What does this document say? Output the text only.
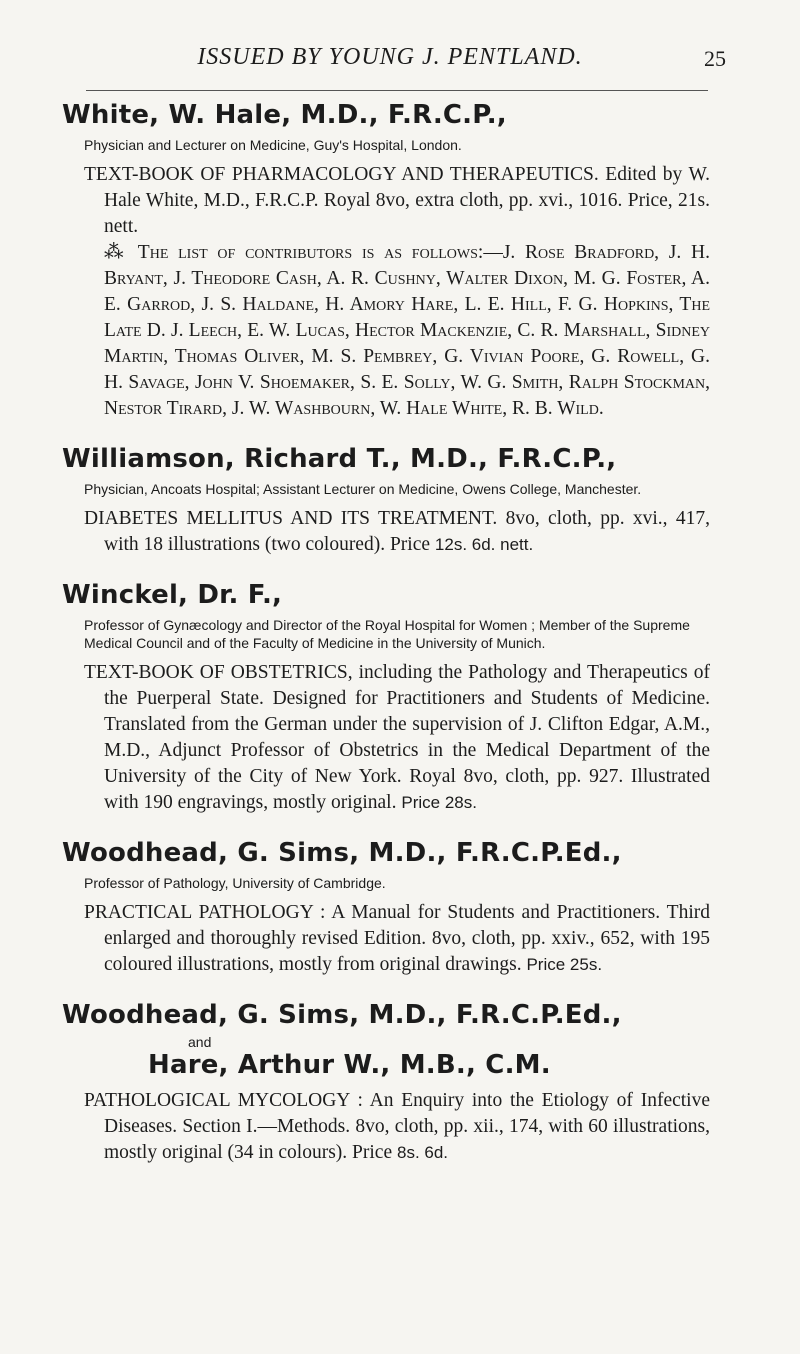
ISSUED BY YOUNG J. PENTLAND.	25

White, W. Hale, M.D., F.R.C.P.,

Physician and Lecturer on Medicine, Guy's Hospital, London.

TEXT-BOOK OF PHARMACOLOGY AND THERAPEUTICS. Edited by W. Hale White, M.D., F.R.C.P. Royal 8vo, extra cloth, pp. xvi., 1016. Price, 21s. nett.

⁂ The list of contributors is as follows:—J. Rose Bradford, J. H. Bryant, J. Theodore Cash, A. R. Cushny, Walter Dixon, M. G. Foster, A. E. Garrod, J. S. Haldane, H. Amory Hare, L. E. Hill, F. G. Hopkins, The Late D. J. Leech, E. W. Lucas, Hector Mackenzie, C. R. Marshall, Sidney Martin, Thomas Oliver, M. S. Pembrey, G. Vivian Poore, G. Rowell, G. H. Savage, John V. Shoemaker, S. E. Solly, W. G. Smith, Ralph Stockman, Nestor Tirard, J. W. Washbourn, W. Hale White, R. B. Wild.

Williamson, Richard T., M.D., F.R.C.P.,

Physician, Ancoats Hospital; Assistant Lecturer on Medicine, Owens College, Manchester.

DIABETES MELLITUS AND ITS TREATMENT. 8vo, cloth, pp. xvi., 417, with 18 illustrations (two coloured). Price 12s. 6d. nett.

Winckel, Dr. F.,

Professor of Gynæcology and Director of the Royal Hospital for Women ; Member of the Supreme Medical Council and of the Faculty of Medicine in the University of Munich.

TEXT-BOOK OF OBSTETRICS, including the Pathology and Therapeutics of the Puerperal State. Designed for Practitioners and Students of Medicine. Translated from the German under the supervision of J. Clifton Edgar, A.M., M.D., Adjunct Professor of Obstetrics in the Medical Department of the University of the City of New York. Royal 8vo, cloth, pp. 927. Illustrated with 190 engravings, mostly original. Price 28s.

Woodhead, G. Sims, M.D., F.R.C.P.Ed.,

Professor of Pathology, University of Cambridge.

PRACTICAL PATHOLOGY : A Manual for Students and Practitioners. Third enlarged and thoroughly revised Edition. 8vo, cloth, pp. xxiv., 652, with 195 coloured illustrations, mostly from original drawings. Price 25s.

Woodhead, G. Sims, M.D., F.R.C.P.Ed.,

and

Hare, Arthur W., M.B., C.M.

PATHOLOGICAL MYCOLOGY : An Enquiry into the Etiology of Infective Diseases. Section I.—Methods. 8vo, cloth, pp. xii., 174, with 60 illustrations, mostly original (34 in colours). Price 8s. 6d.
